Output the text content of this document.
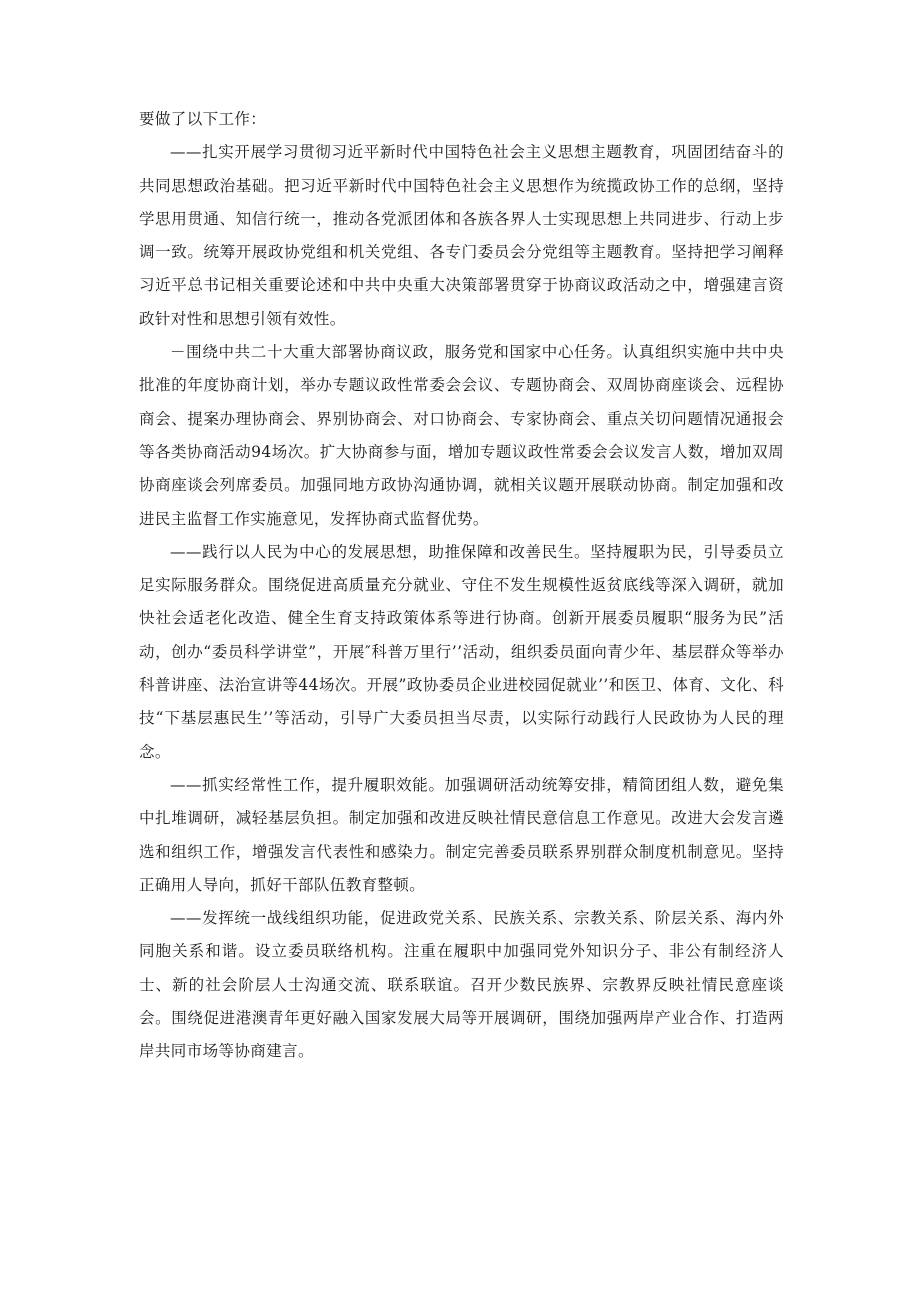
要做了以下工作：

——扎实开展学习贯彻习近平新时代中国特色社会主义思想主题教育，巩固团结奋斗的共同思想政治基础。把习近平新时代中国特色社会主义思想作为统揽政协工作的总纲，坚持学思用贯通、知信行统一，推动各党派团体和各族各界人士实现思想上共同进步、行动上步调一致。统筹开展政协党组和机关党组、各专门委员会分党组等主题教育。坚持把学习阐释习近平总书记相关重要论述和中共中央重大决策部署贯穿于协商议政活动之中，增强建言资政针对性和思想引领有效性。

－围绕中共二十大重大部署协商议政，服务党和国家中心任务。认真组织实施中共中央批准的年度协商计划，举办专题议政性常委会会议、专题协商会、双周协商座谈会、远程协商会、提案办理协商会、界别协商会、对口协商会、专家协商会、重点关切问题情况通报会等各类协商活动94场次。扩大协商参与面，增加专题议政性常委会会议发言人数，增加双周协商座谈会列席委员。加强同地方政协沟通协调，就相关议题开展联动协商。制定加强和改进民主监督工作实施意见，发挥协商式监督优势。

——践行以人民为中心的发展思想，助推保障和改善民生。坚持履职为民，引导委员立足实际服务群众。围绕促进高质量充分就业、守住不发生规模性返贫底线等深入调研，就加快社会适老化改造、健全生育支持政策体系等进行协商。创新开展委员履职“服务为民”活动，创办“委员科学讲堂”，开展″科普万里行’’活动，组织委员面向青少年、基层群众等举办科普讲座、法治宣讲等44场次。开展”政协委员企业进校园促就业’’和医卫、体育、文化、科技“下基层惠民生’’等活动，引导广大委员担当尽责，以实际行动践行人民政协为人民的理念。

——抓实经常性工作，提升履职效能。加强调研活动统筹安排，精简团组人数，避免集中扎堆调研，减轻基层负担。制定加强和改进反映社情民意信息工作意见。改进大会发言遴选和组织工作，增强发言代表性和感染力。制定完善委员联系界别群众制度机制意见。坚持正确用人导向，抓好干部队伍教育整顿。

——发挥统一战线组织功能，促进政党关系、民族关系、宗教关系、阶层关系、海内外同胞关系和谐。设立委员联络机构。注重在履职中加强同党外知识分子、非公有制经济人士、新的社会阶层人士沟通交流、联系联谊。召开少数民族界、宗教界反映社情民意座谈会。围绕促进港澳青年更好融入国家发展大局等开展调研，围绕加强两岸产业合作、打造两岸共同市场等协商建言。
